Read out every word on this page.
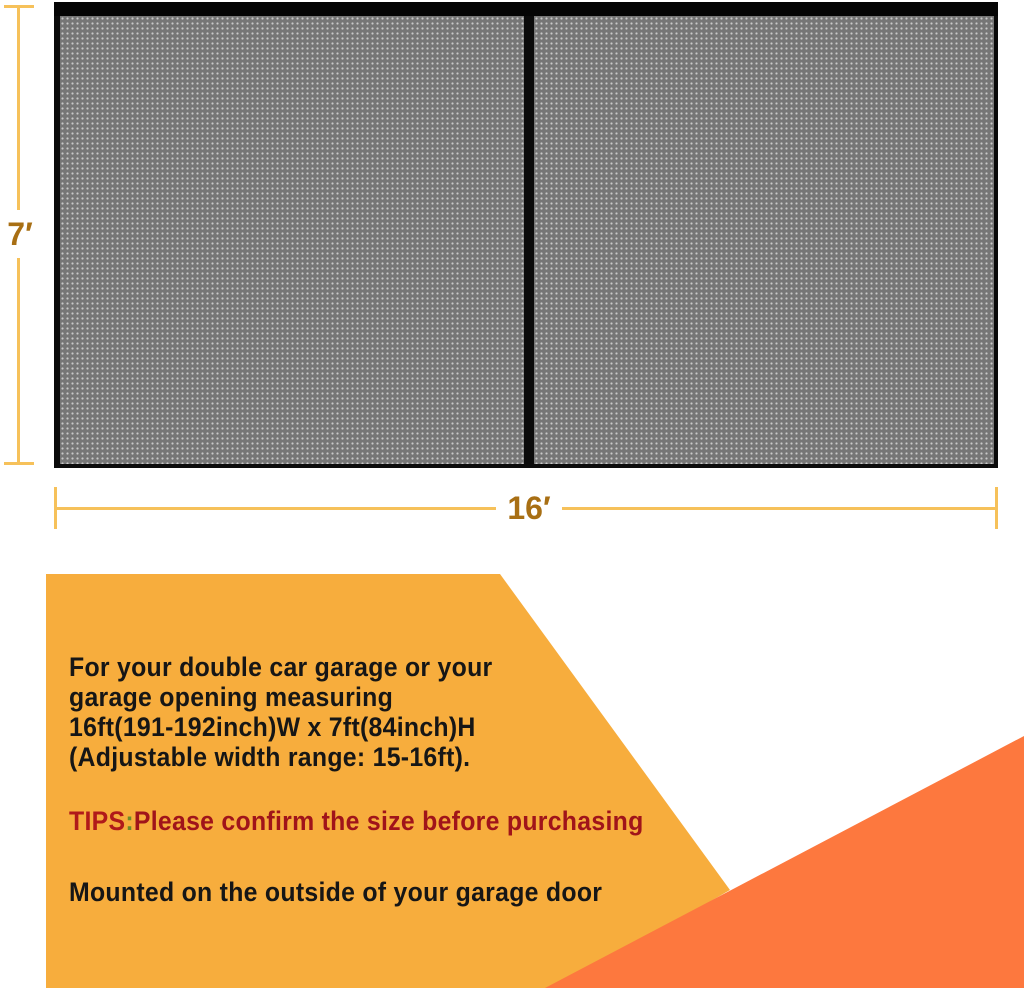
7′
16′
For your double car garage or your
garage opening measuring
16ft(191-192inch)W x 7ft(84inch)H
(Adjustable width range: 15-16ft).
TIPS:Please confirm the size before purchasing
Mounted on the outside of your garage door
